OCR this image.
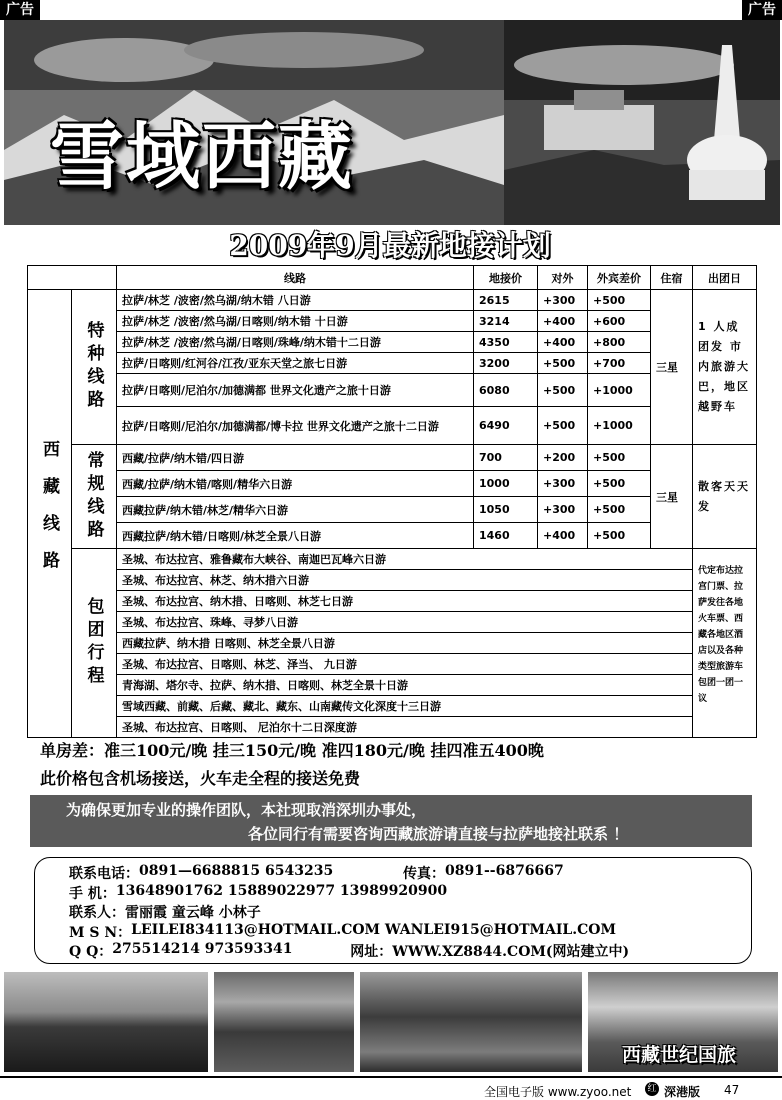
广告	广告
雪域西藏
2009年9月最新地接计划
		线路	地接价	对外	外宾差价	住宿	出团日
西藏线路	特种线路	拉萨/林芝 /波密/然乌湖/纳木错 八日游	2615	+300	+500	三星	1 人成团发 市内旅游大巴，地区越野车
		拉萨/林芝 /波密/然乌湖/日喀则/纳木错 十日游	3214	+400	+600		
		拉萨/林芝 /波密/然乌湖/日喀则/珠峰/纳木错十二日游	4350	+400	+800		
		拉萨/日喀则/红河谷/江孜/亚东天堂之旅七日游	3200	+500	+700		
		拉萨/日喀则/尼泊尔/加德满都 世界文化遗产之旅十日游	6080	+500	+1000		
		拉萨/日喀则/尼泊尔/加德满都/博卡拉 世界文化遗产之旅十二日游	6490	+500	+1000		
	常规线路	西藏/拉萨/纳木错/四日游	700	+200	+500	三星	散客天天发
		西藏/拉萨/纳木错/喀则/精华六日游	1000	+300	+500		
		西藏拉萨/纳木错/林芝/精华六日游	1050	+300	+500		
		西藏拉萨/纳木错/日喀则/林芝全景八日游	1460	+400	+500		
	包团行程	圣城、布达拉宫、雅鲁藏布大峡谷、南迦巴瓦峰六日游					代定布达拉宫门票、拉萨发往各地火车票、西藏各地区酒店以及各种类型旅游车包团一团一议
		圣城、布达拉宫、林芝、纳木措六日游					
		圣城、布达拉宫、纳木措、日喀则、林芝七日游					
		圣城、布达拉宫、珠峰、寻梦八日游					
		西藏拉萨、纳木措 日喀则、林芝全景八日游					
		圣城、布达拉宫、日喀则、林芝、泽当、 九日游					
		青海湖、塔尔寺、拉萨、纳木措、日喀则、林芝全景十日游					
		雪域西藏、前藏、后藏、藏北、藏东、山南藏传文化深度十三日游					
		圣城、布达拉宫、日喀则、 尼泊尔十二日深度游					
单房差：准三100元/晚 挂三150元/晚 准四180元/晚 挂四准五400晚
此价格包含机场接送，火车走全程的接送免费
为确保更加专业的操作团队，本社现取消深圳办事处，
各位同行有需要咨询西藏旅游请直接与拉萨地接社联系 ！
联系电话： 0891—6688815 6543235	传真： 0891--6876667
手 机： 13648901762 15889022977 13989920900
联系人： 雷丽霞 童云峰 小林子
M S N： LEILEI834113@HOTMAIL.COM WANLEI915@HOTMAIL.COM
Q Q： 275514214 973593341	网址： WWW.XZ8844.COM(网站建立中)
西藏世纪国旅
全国电子版 www.zyoo.net 红 深港版 47
